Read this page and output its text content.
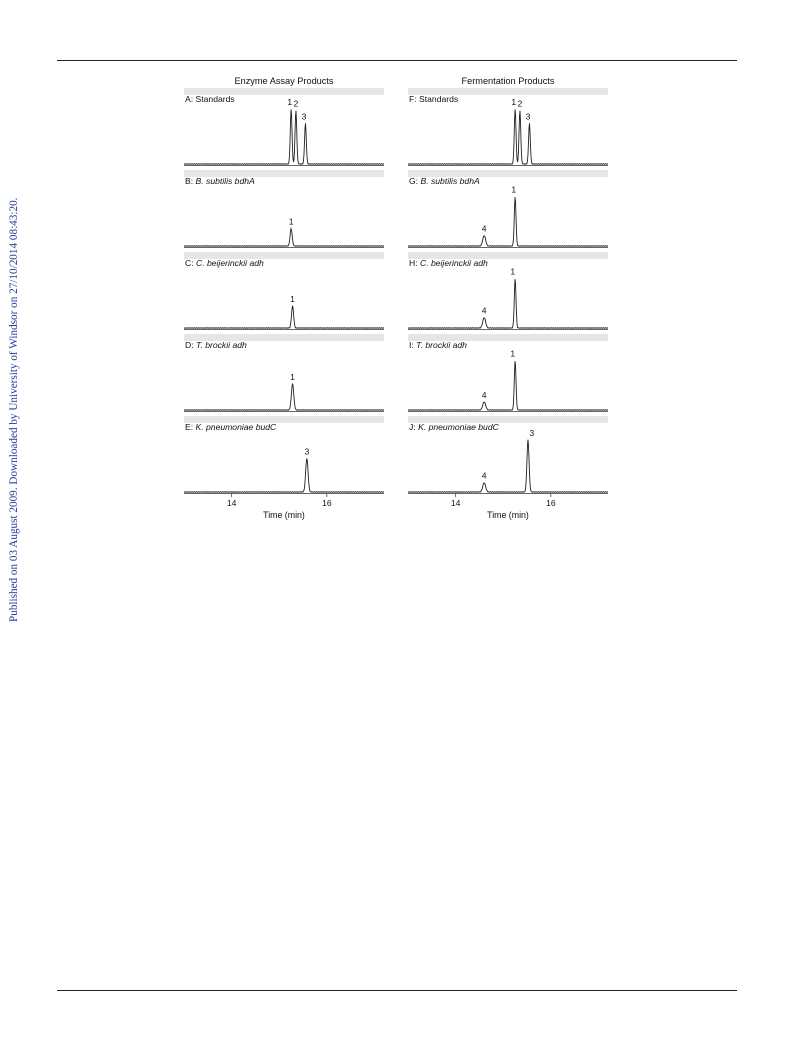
Published on 03 August 2009. Downloaded by University of Windsor on 27/10/2014 08:43:20.
Enzyme Assay Products	Fermentation Products
A: Standards	1 2
3
B: B. subtilis bdhA
1
C: C. beijerinckii adh
1
D: T. brockii adh
1
E: K. pneumoniae budC
3
14	16
Time (min)
F: Standards	1 2
3
G: B. subtilis bdhA
4
1
H: C. beijerinckii adh
4
1
I: T. brockii adh
4
1
J: K. pneumoniae budC
4
3
14	16
Time (min)
